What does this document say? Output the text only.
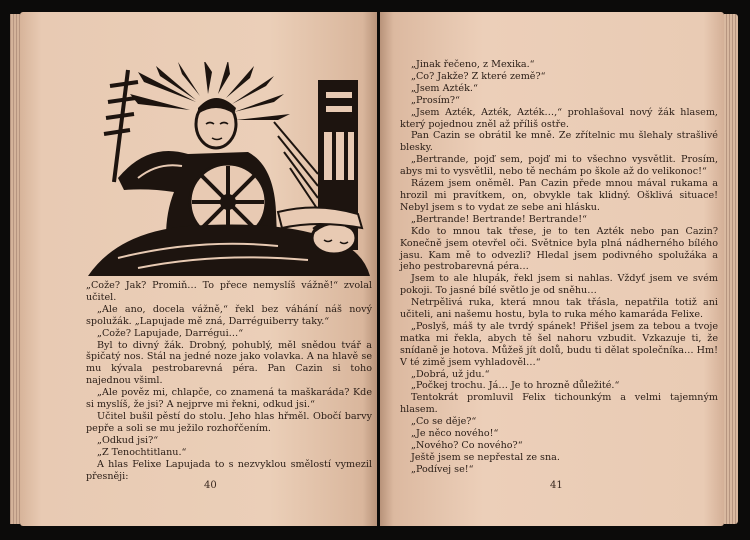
„Cože? Jak? Promiň… To přece nemyslíš vážně!“ zvolal učitel.

„Ale ano, docela vážně,“ řekl bez váhání náš nový spolužák. „Lapujade mě zná, Darréguiberry taky.“

„Cože? Lapujade, Darrégui…“

Byl to divný žák. Drobný, pohublý, měl snědou tvář a špičatý nos. Stál na jedné noze jako volavka. A na hlavě se mu kývala pestrobarevná péra. Pan Cazin si toho najednou všiml.

„Ale pověz mi, chlapče, co znamená ta maškaráda? Kde si myslíš, že jsi? A nejprve mi řekni, odkud jsi.“

Učitel bušil pěstí do stolu. Jeho hlas hřměl. Obočí barvy pepře a soli se mu ježilo rozhořčením.

„Odkud jsi?“

„Z Tenochtitlanu.“

A hlas Felixe Lapujada to s nezvyklou smělostí vymezil přesněji:

40

„Jinak řečeno, z Mexika.“

„Co? Jakže? Z které země?“

„Jsem Azték.“

„Prosím?“

„Jsem Azték, Azték, Azték…,“ prohlašoval nový žák hlasem, který pojednou zněl až příliš ostře.

Pan Cazin se obrátil ke mně. Ze zřítelnic mu šlehaly strašlivé blesky.

„Bertrande, pojď sem, pojď mi to všechno vysvětlit. Prosím, abys mi to vysvětlil, nebo tě nechám po škole až do velikonoc!“

Rázem jsem oněměl. Pan Cazin přede mnou mával rukama a hrozil mi pravítkem, on, obvykle tak klidný. Ošklivá situace! Nebyl jsem s to vydat ze sebe ani hlásku.

„Bertrande! Bertrande! Bertrande!“

Kdo to mnou tak třese, je to ten Azték nebo pan Cazin? Konečně jsem otevřel oči. Světnice byla plná nádherného bílého jasu. Kam mě to odvezli? Hledal jsem podivného spolužáka a jeho pestrobarevná péra…

Jsem to ale hlupák, řekl jsem si nahlas. Vždyť jsem ve svém pokoji. To jasné bílé světlo je od sněhu…

Netrpělivá ruka, která mnou tak třásla, nepatřila totiž ani učiteli, ani našemu hostu, byla to ruka mého kamaráda Felixe.

„Poslyš, máš ty ale tvrdý spánek! Přišel jsem za tebou a tvoje matka mi řekla, abych tě šel nahoru vzbudit. Vzkazuje ti, že snídaně je hotova. Můžeš jít dolů, budu ti dělat společníka… Hm! V té zimě jsem vyhladověl…“

„Dobrá, už jdu.“

„Počkej trochu. Já… Je to hrozně důležité.“

Tentokrát promluvil Felix tichounkým a velmi tajemným hlasem.

„Co se děje?“

„Je něco nového!“

„Nového? Co nového?“

Ještě jsem se nepřestal ze sna.

„Podívej se!“

41
